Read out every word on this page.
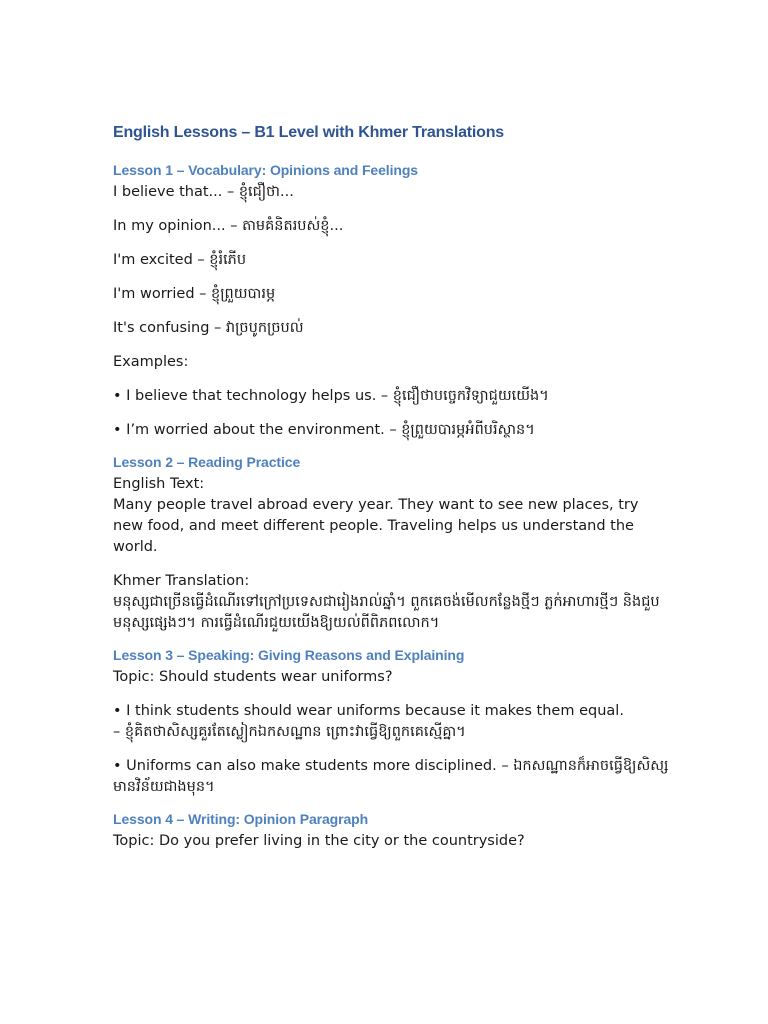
English Lessons – B1 Level with Khmer Translations
Lesson 1 – Vocabulary: Opinions and Feelings

I believe that... – ខ្ញុំជឿថា...

In my opinion... – តាមគំនិតរបស់ខ្ញុំ...

I'm excited – ខ្ញុំរំភើប

I'm worried – ខ្ញុំព្រួយបារម្ភ

It's confusing – វាច្របូកច្របល់

Examples:

• I believe that technology helps us. – ខ្ញុំជឿថាបច្ចេកវិទ្យាជួយយើង។

• I’m worried about the environment. – ខ្ញុំព្រួយបារម្ភអំពីបរិស្ថាន។

Lesson 2 – Reading Practice

English Text:

Many people travel abroad every year. They want to see new places, try new food, and meet different people. Traveling helps us understand the world.

Khmer Translation:

មនុស្សជាច្រើនធ្វើដំណើរទៅក្រៅប្រទេសជារៀងរាល់ឆ្នាំ។ ពួកគេចង់មើលកន្លែងថ្មីៗ ភ្លក់អាហារថ្មីៗ និងជួបមនុស្សផ្សេងៗ។ ការធ្វើដំណើរជួយយើងឱ្យយល់ពីពិភពលោក។

Lesson 3 – Speaking: Giving Reasons and Explaining

Topic: Should students wear uniforms?

• I think students should wear uniforms because it makes them equal.
– ខ្ញុំគិតថាសិស្សគួរតែស្លៀកឯកសណ្ឋាន ព្រោះវាធ្វើឱ្យពួកគេស្មើគ្នា។

• Uniforms can also make students more disciplined. – ឯកសណ្ឋានក៏អាចធ្វើឱ្យសិស្សមានវិន័យជាងមុន។

Lesson 4 – Writing: Opinion Paragraph

Topic: Do you prefer living in the city or the countryside?
